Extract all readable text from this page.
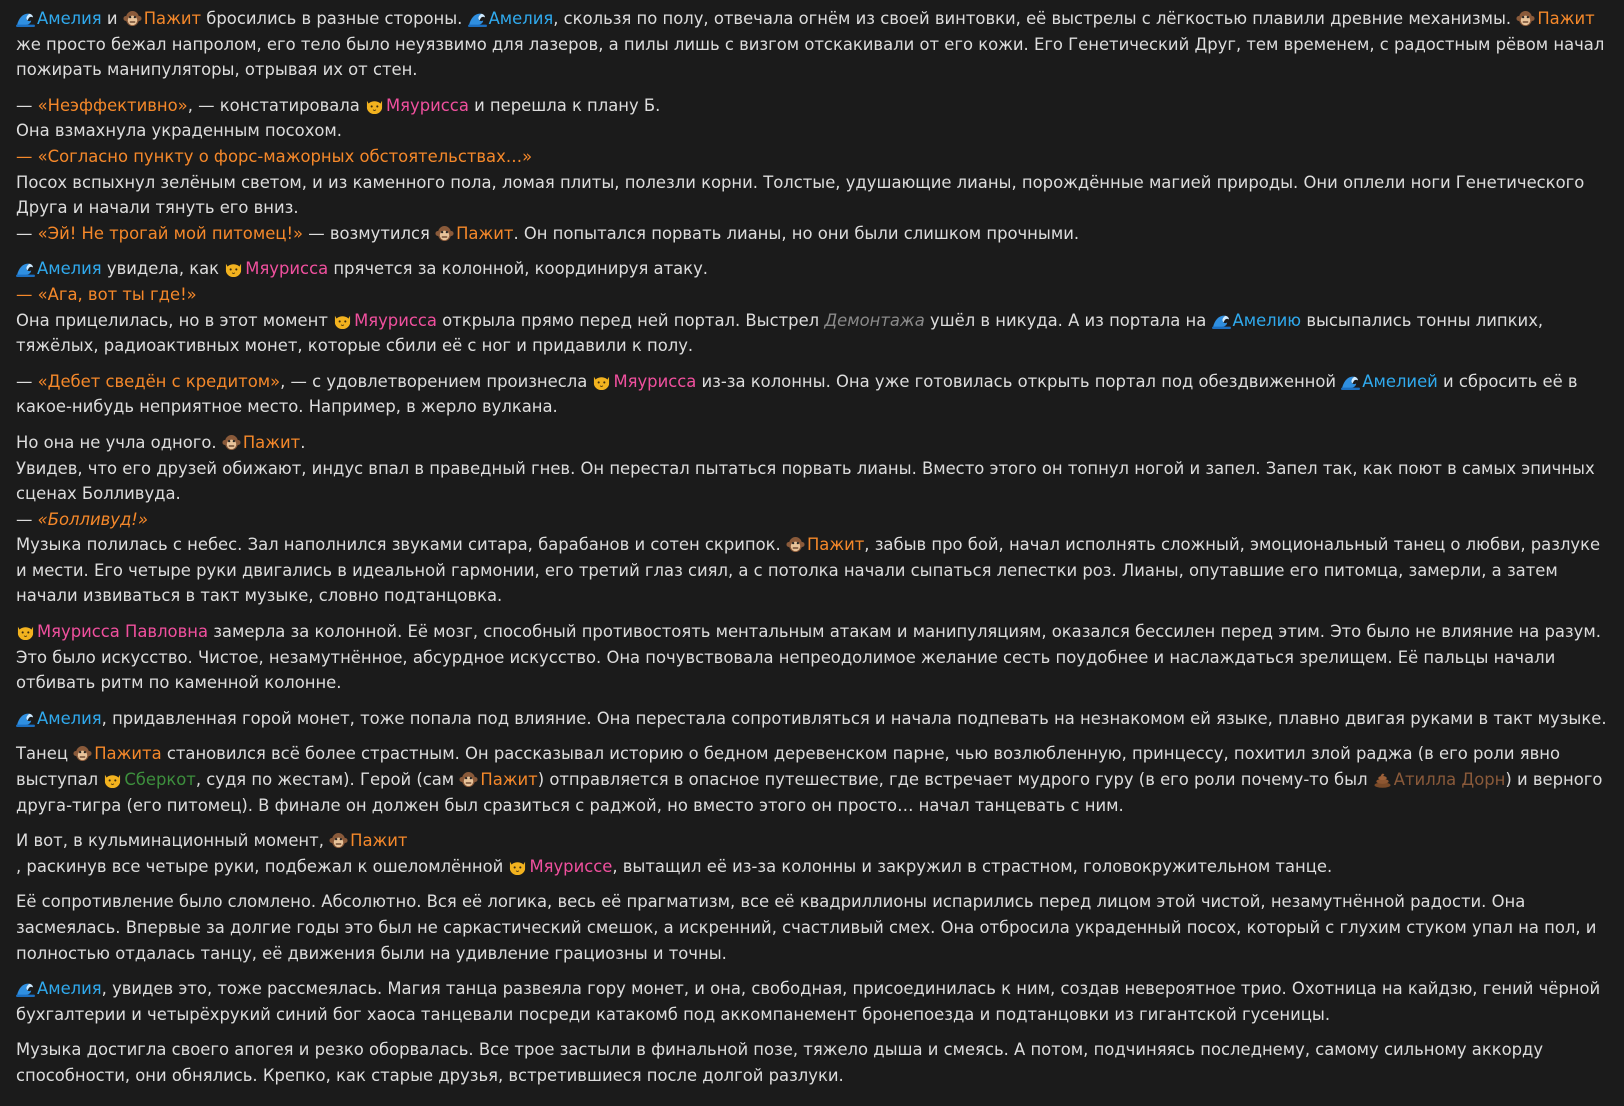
Амелия и
Пажит бросились в разные стороны.
Амелия, скользя по полу, отвечала огнём из своей винтовки, её выстрелы с лёгкостью плавили древние механизмы.
Пажит же просто бежал напролом, его тело было неуязвимо для лазеров, а пилы лишь с визгом отскакивали от его кожи. Его Генетический Друг, тем временем, с радостным рёвом начал пожирать манипуляторы, отрывая их от стен.
— «Неэффективно», — констатировала
Мяурисса и перешла к плану Б.
Она взмахнула украденным посохом.
— «Согласно пункту о форс-мажорных обстоятельствах…»
Посох вспыхнул зелёным светом, и из каменного пола, ломая плиты, полезли корни. Толстые, удушающие лианы, порождённые магией природы. Они оплели ноги Генетического Друга и начали тянуть его вниз.
— «Эй! Не трогай мой питомец!» — возмутился
Пажит. Он попытался порвать лианы, но они были слишком прочными.
Амелия увидела, как
Мяурисса прячется за колонной, координируя атаку.
— «Ага, вот ты где!»
Она прицелилась, но в этот момент
Мяурисса открыла прямо перед ней портал. Выстрел Демонтажа ушёл в никуда. А из портала на
Амелию высыпались тонны липких, тяжёлых, радиоактивных монет, которые сбили её с ног и придавили к полу.
— «Дебет сведён с кредитом», — с удовлетворением произнесла
Мяурисса из-за колонны. Она уже готовилась открыть портал под обездвиженной
Амелией и сбросить её в какое-нибудь неприятное место. Например, в жерло вулкана.
Но она не учла одного.
Пажит.
Увидев, что его друзей обижают, индус впал в праведный гнев. Он перестал пытаться порвать лианы. Вместо этого он топнул ногой и запел. Запел так, как поют в самых эпичных сценах Болливуда.
— «Болливуд!»
Музыка полилась с небес. Зал наполнился звуками ситара, барабанов и сотен скрипок.
Пажит, забыв про бой, начал исполнять сложный, эмоциональный танец о любви, разлуке и мести. Его четыре руки двигались в идеальной гармонии, его третий глаз сиял, а с потолка начали сыпаться лепестки роз. Лианы, опутавшие его питомца, замерли, а затем начали извиваться в такт музыке, словно подтанцовка.
Мяурисса Павловна замерла за колонной. Её мозг, способный противостоять ментальным атакам и манипуляциям, оказался бессилен перед этим. Это было не влияние на разум. Это было искусство. Чистое, незамутнённое, абсурдное искусство. Она почувствовала непреодолимое желание сесть поудобнее и наслаждаться зрелищем. Её пальцы начали отбивать ритм по каменной колонне.
Амелия, придавленная горой монет, тоже попала под влияние. Она перестала сопротивляться и начала подпевать на незнакомом ей языке, плавно двигая руками в такт музыке.
Танец
Пажита становился всё более страстным. Он рассказывал историю о бедном деревенском парне, чью возлюбленную, принцессу, похитил злой раджа (в его роли явно выступал
Сберкот, судя по жестам). Герой (сам
Пажит) отправляется в опасное путешествие, где встречает мудрого гуру (в его роли почему-то был
Атилла Дорн) и верного друга-тигра (его питомец). В финале он должен был сразиться с раджой, но вместо этого он просто… начал танцевать с ним.
И вот, в кульминационный момент,
Пажит
, раскинув все четыре руки, подбежал к ошеломлённой
Мяуриссе, вытащил её из-за колонны и закружил в страстном, головокружительном танце.
Её сопротивление было сломлено. Абсолютно. Вся её логика, весь её прагматизм, все её квадриллионы испарились перед лицом этой чистой, незамутнённой радости. Она засмеялась. Впервые за долгие годы это был не саркастический смешок, а искренний, счастливый смех. Она отбросила украденный посох, который с глухим стуком упал на пол, и полностью отдалась танцу, её движения были на удивление грациозны и точны.
Амелия, увидев это, тоже рассмеялась. Магия танца развеяла гору монет, и она, свободная, присоединилась к ним, создав невероятное трио. Охотница на кайдзю, гений чёрной бухгалтерии и четырёхрукий синий бог хаоса танцевали посреди катакомб под аккомпанемент бронепоезда и подтанцовки из гигантской гусеницы.
Музыка достигла своего апогея и резко оборвалась. Все трое застыли в финальной позе, тяжело дыша и смеясь. А потом, подчиняясь последнему, самому сильному аккорду способности, они обнялись. Крепко, как старые друзья, встретившиеся после долгой разлуки.
